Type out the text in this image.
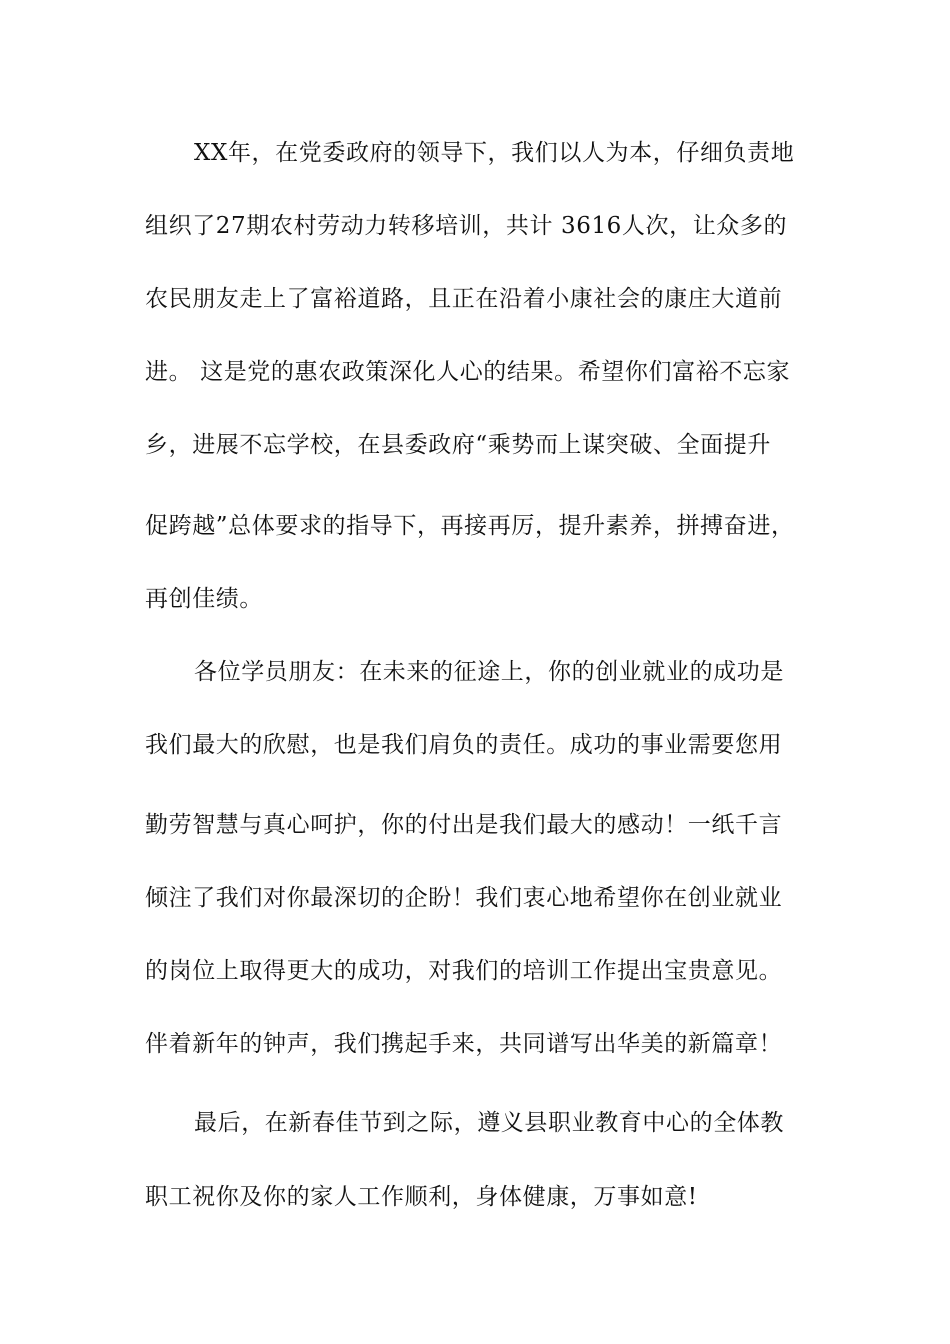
XX年，在党委政府的领导下，我们以人为本，仔细负责地
组织了27期农村劳动力转移培训，共计 3616人次，让众多的
农民朋友走上了富裕道路，且正在沿着小康社会的康庄大道前
进。 这是党的惠农政策深化人心的结果。希望你们富裕不忘家
乡，进展不忘学校，在县委政府“乘势而上谋突破、全面提升
促跨越”总体要求的指导下，再接再厉，提升素养，拼搏奋进，
再创佳绩。
各位学员朋友：在未来的征途上，你的创业就业的成功是
我们最大的欣慰，也是我们肩负的责任。成功的事业需要您用
勤劳智慧与真心呵护，你的付出是我们最大的感动！一纸千言
倾注了我们对你最深切的企盼！我们衷心地希望你在创业就业
的岗位上取得更大的成功，对我们的培训工作提出宝贵意见。
伴着新年的钟声，我们携起手来，共同谱写出华美的新篇章！
最后，在新春佳节到之际，遵义县职业教育中心的全体教
职工祝你及你的家人工作顺利，身体健康，万事如意!
